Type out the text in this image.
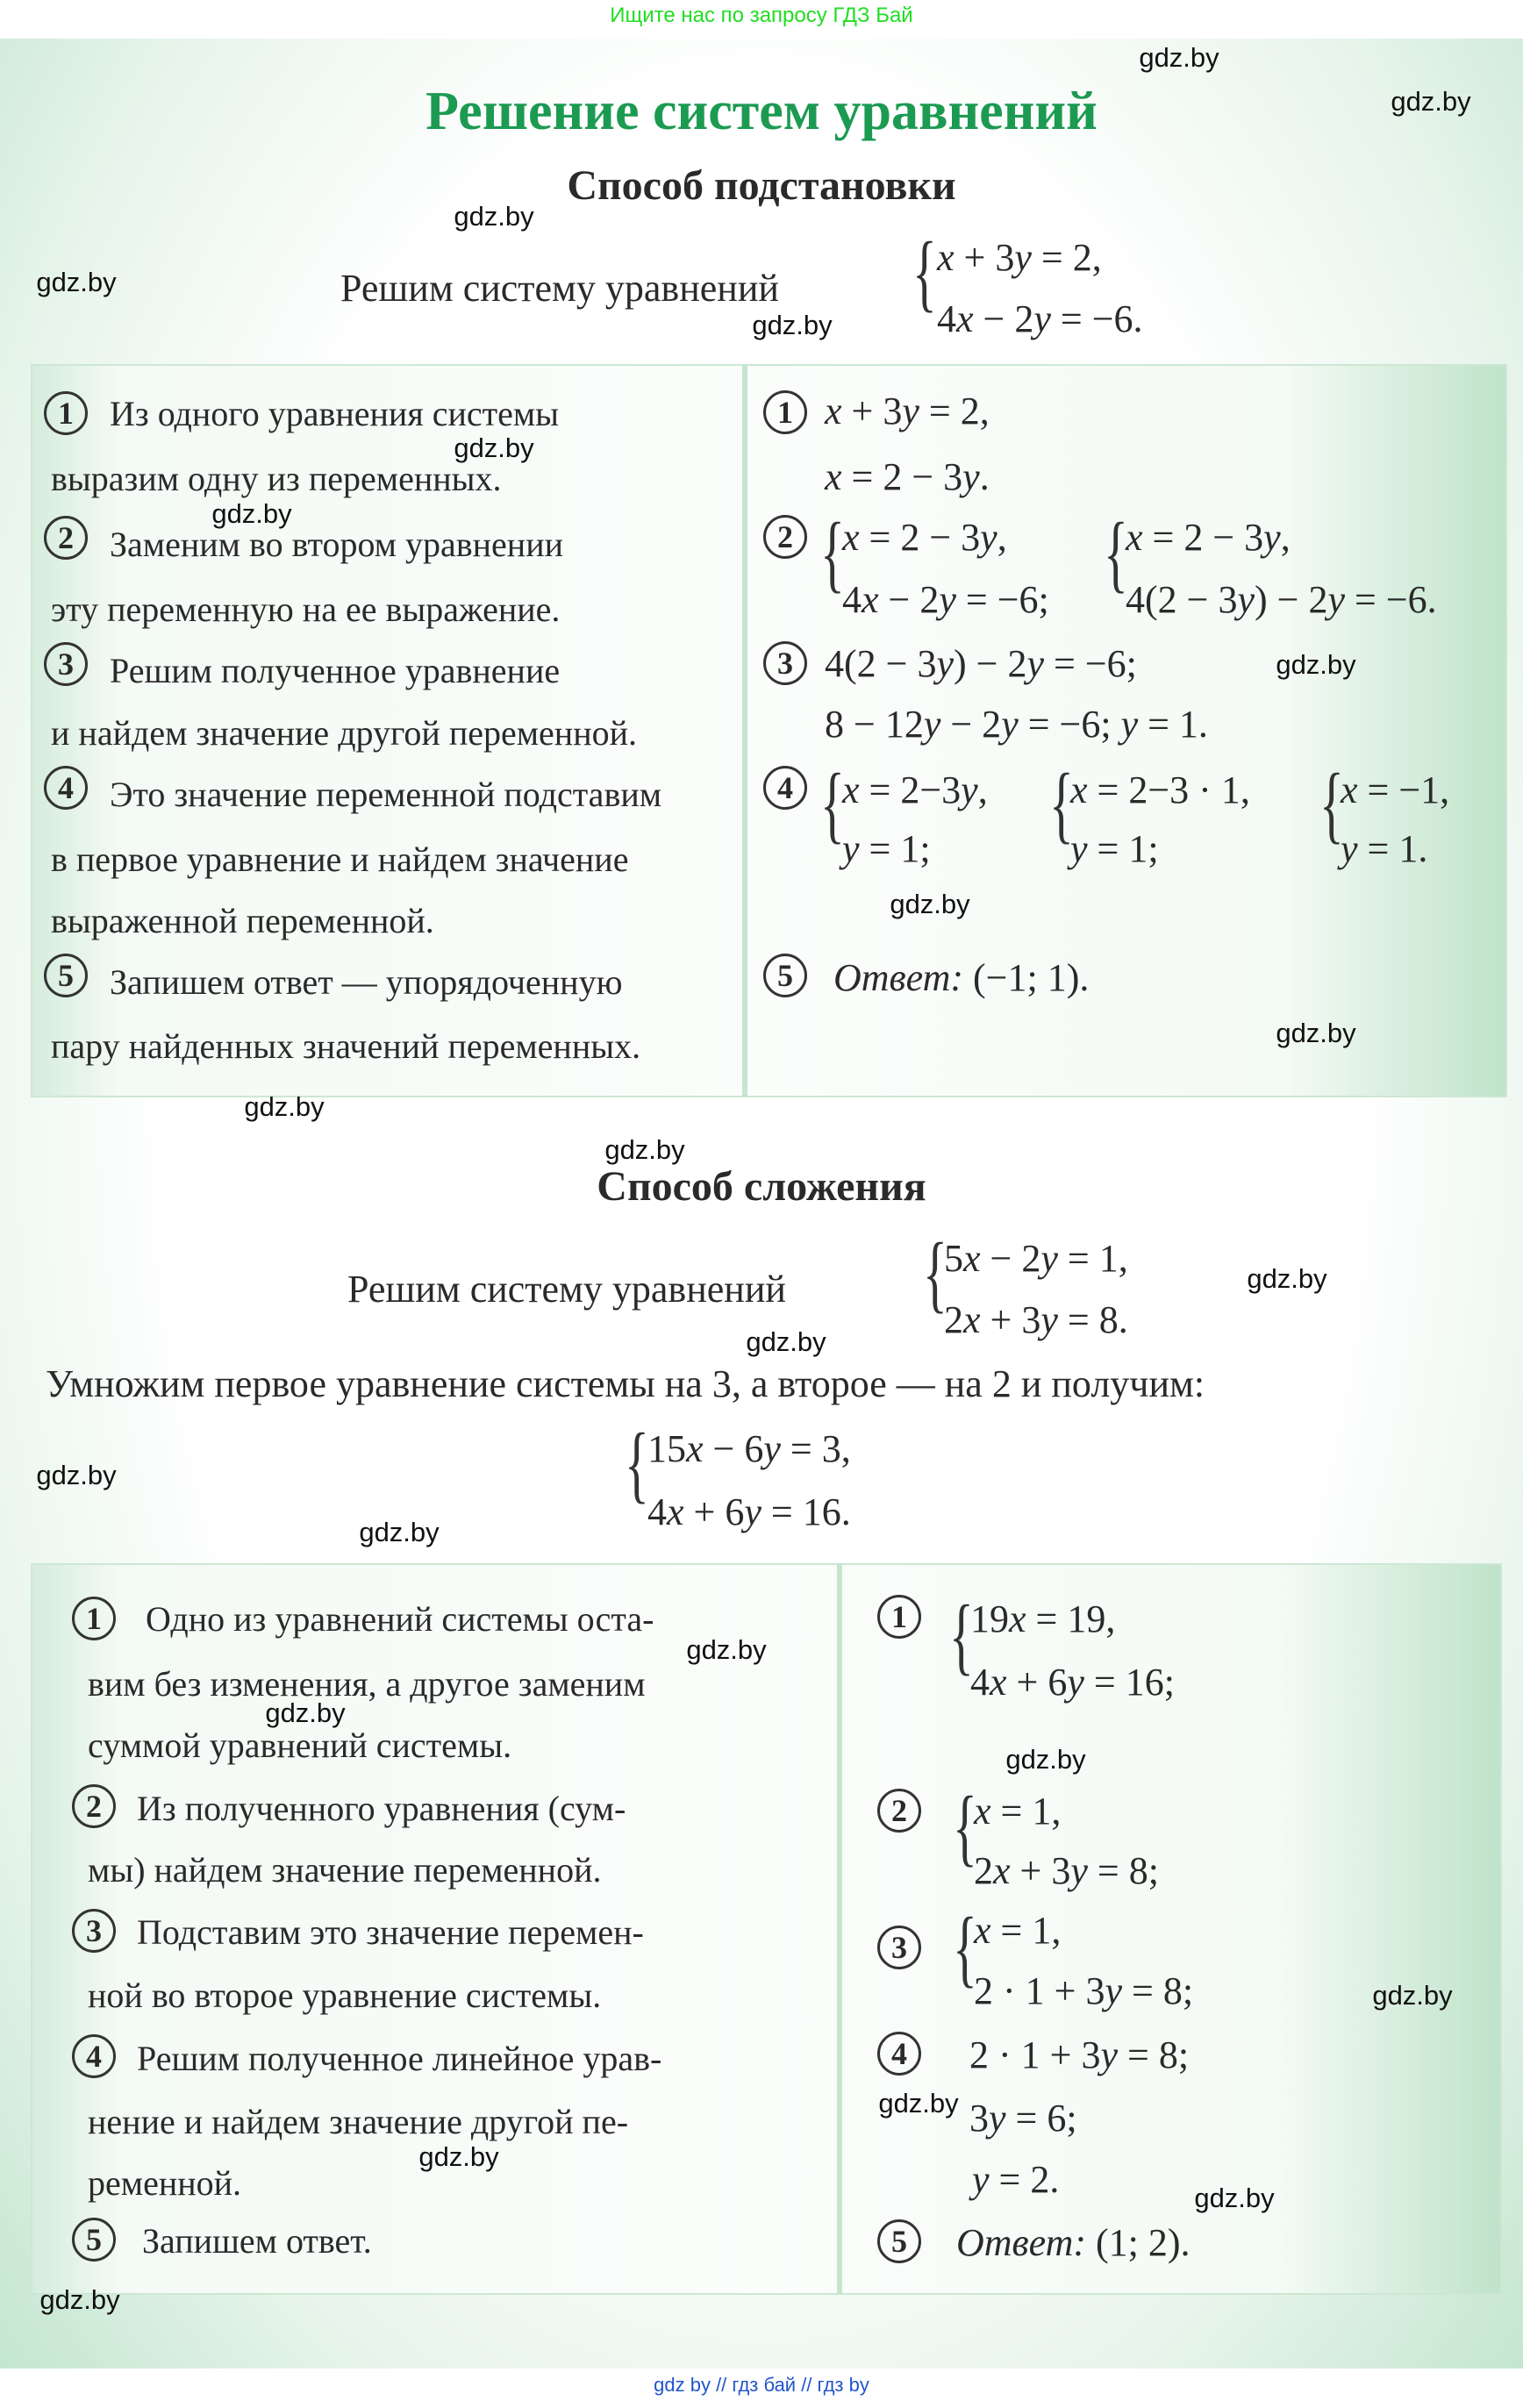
Ищите нас по запросу ГДЗ Бай
Решение систем уравнений
Способ подстановки
Решим систему уравнений	{ x + 3y = 2,
4x − 2y = −6.
1	Из одного уравнения системы
выразим одну из переменных.
2	Заменим во втором уравнении
эту переменную на ее выражение.
3	Решим полученное уравнение
и найдем значение другой переменной.
4	Это значение переменной подставим
в первое уравнение и найдем значение
выраженной переменной.
5	Запишем ответ — упорядоченную
пару найденных значений переменных.
1 x + 3y = 2,
x = 2 − 3y.
2 {
x = 2 − 3y,
4x − 2y = −6; {
x = 2 − 3y,
4(2 − 3y) − 2y = −6.
3 4(2 − 3y) − 2y = −6;
8 − 12y − 2y = −6; y = 1.
4 {
x = 2−3y,
y = 1; {
x = 2−3 · 1,
y = 1;	{
x = −1,
y = 1.
5	Ответ: (−1; 1).
Способ сложения
Решим систему уравнений	{
5x − 2y = 1,
2x + 3y = 8.
Умножим первое уравнение системы на 3, а второе — на 2 и получим:
{
15x − 6y = 3,
4x + 6y = 16.
1	Одно из уравнений системы оста-
вим без изменения, а другое заменим
суммой уравнений системы.
2	Из полученного уравнения (сум-
мы) найдем значение переменной.
3	Подставим это значение перемен-
ной во второе уравнение системы.
4	Решим полученное линейное урав-
нение и найдем значение другой пе-
ременной.
5	Запишем ответ.
1 {
19x = 19,
4x + 6y = 16;
2 {
x = 1,
2x + 3y = 8;
3 {
x = 1,
2 · 1 + 3y = 8;
4	2 · 1 + 3y = 8;
3y = 6;
y = 2.
5	Ответ: (1; 2).
gdz.by
gdz.by
gdz.by
gdz.by
gdz.by
gdz.by
gdz.by
gdz.by
gdz.by
gdz.by
gdz.by
gdz.by
gdz.by
gdz.by
gdz.by
gdz.by
gdz.by
gdz.by
gdz.by
gdz.by
gdz.by
gdz.by
gdz.by
gdz.by
gdz by // гдз бай // гдз by
